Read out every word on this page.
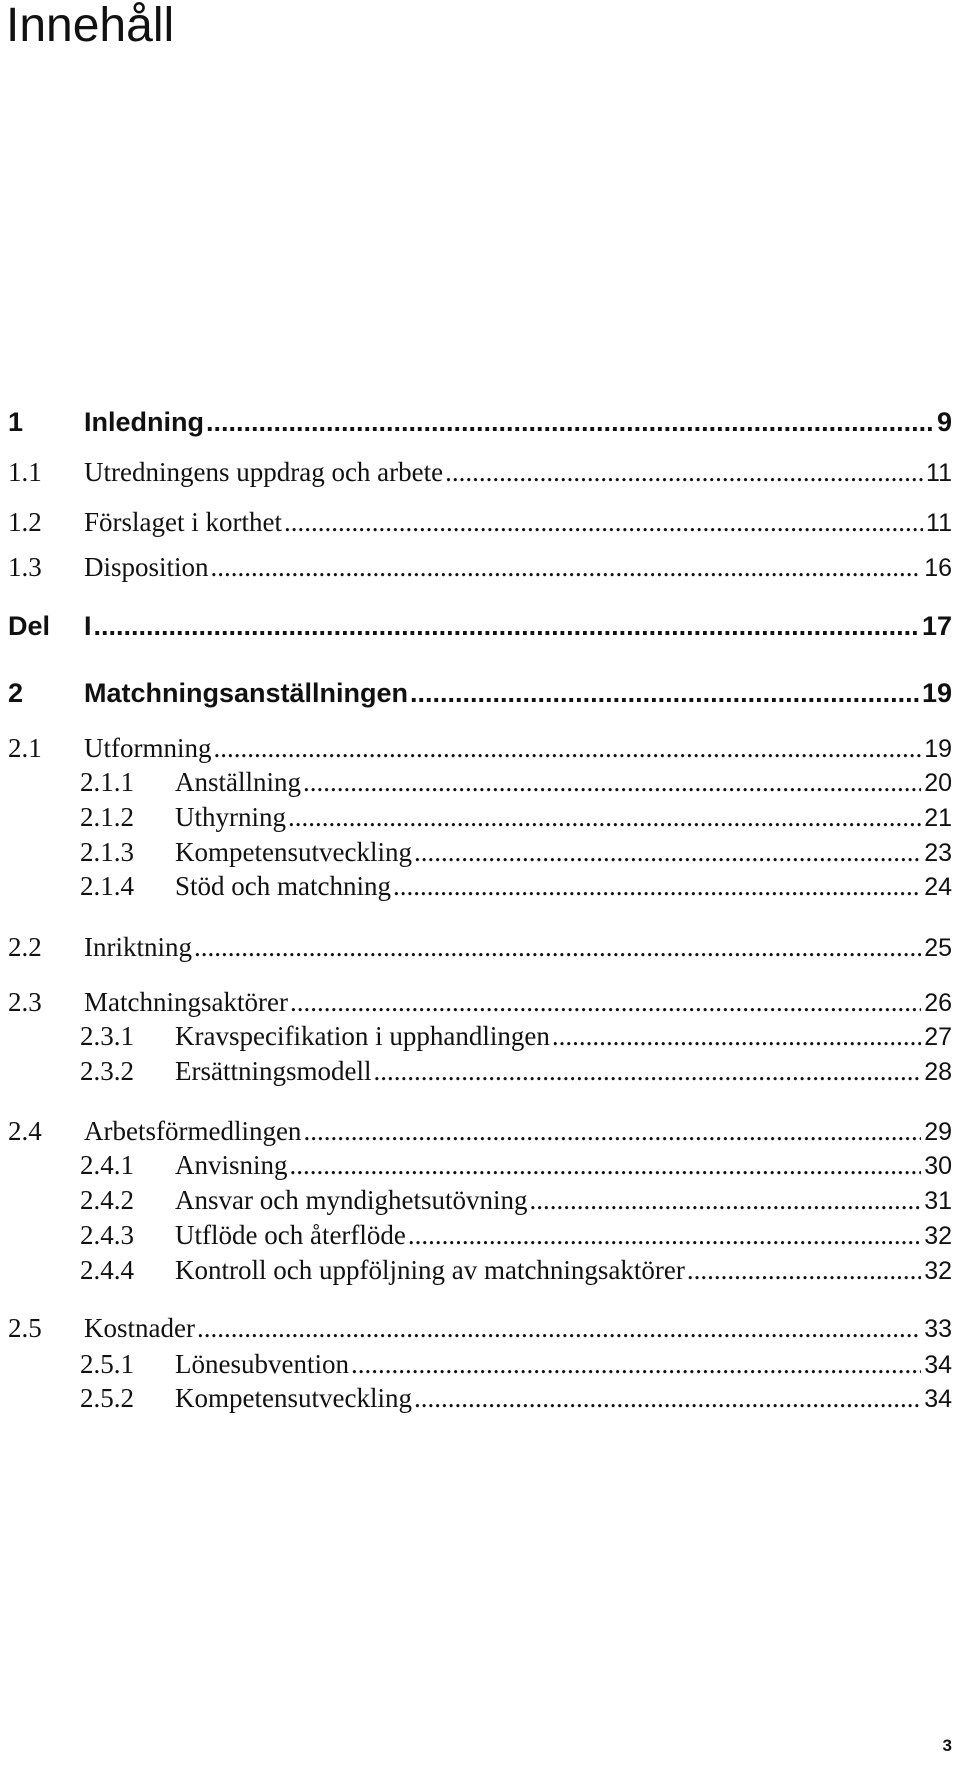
Innehåll
1	Inledning .....	9
1.1	Utredningens uppdrag och arbete .....	11
1.2	Förslaget i korthet .....	11
1.3	Disposition .....	16
Del	I .....	17
2	Matchningsanställningen .....	19
2.1	Utformning .....	19
2.1.1	Anställning .....	20
2.1.2	Uthyrning .....	21
2.1.3	Kompetensutveckling .....	23
2.1.4	Stöd och matchning .....	24
2.2	Inriktning .....	25
2.3	Matchningsaktörer .....	26
2.3.1	Kravspecifikation i upphandlingen .....	27
2.3.2	Ersättningsmodell .....	28
2.4	Arbetsförmedlingen .....	29
2.4.1	Anvisning .....	30
2.4.2	Ansvar och myndighetsutövning .....	31
2.4.3	Utflöde och återflöde .....	32
2.4.4	Kontroll och uppföljning av matchningsaktörer .....	32
2.5	Kostnader .....	33
2.5.1	Lönesubvention .....	34
2.5.2	Kompetensutveckling .....	34
3
